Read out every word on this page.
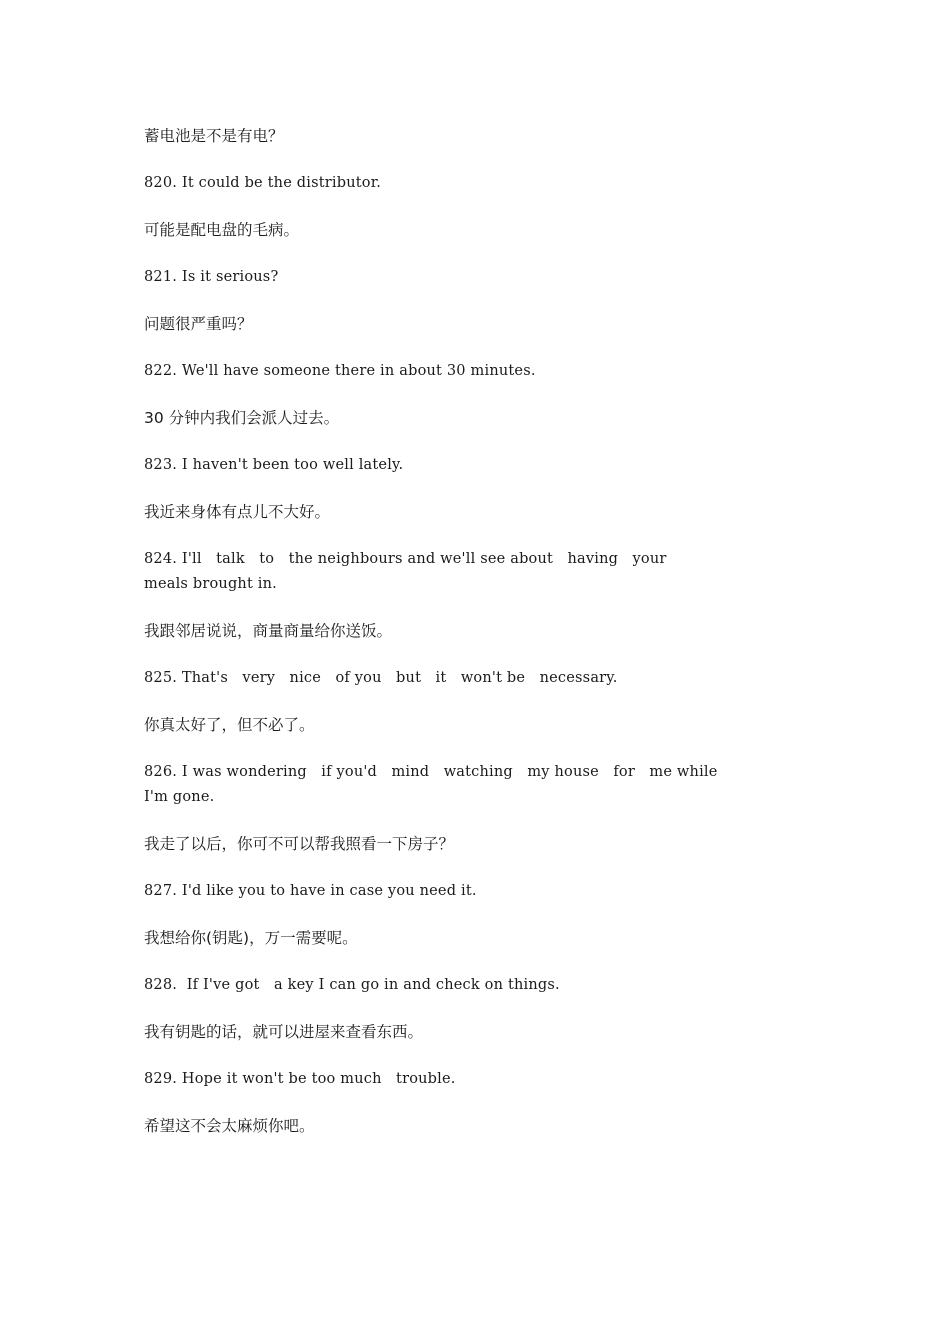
蓄电池是不是有电？

820. It could be the distributor.

可能是配电盘的毛病。

821. Is it serious?

问题很严重吗？

822. We'll have someone there in about 30 minutes.

30 分钟内我们会派人过去。

823. I haven't been too well lately.

我近来身体有点儿不大好。

824. I'll   talk   to   the neighbours and we'll see about   having   your
meals brought in.

我跟邻居说说，商量商量给你送饭。

825. That's   very   nice   of you   but   it   won't be   necessary.

你真太好了，但不必了。

826. I was wondering   if you'd   mind   watching   my house   for   me while
I'm gone.

我走了以后，你可不可以帮我照看一下房子？

827. I'd like you to have in case you need it.

我想给你(钥匙)，万一需要呢。

828.  If I've got   a key I can go in and check on things.

我有钥匙的话，就可以进屋来查看东西。

829. Hope it won't be too much   trouble.

希望这不会太麻烦你吧。
